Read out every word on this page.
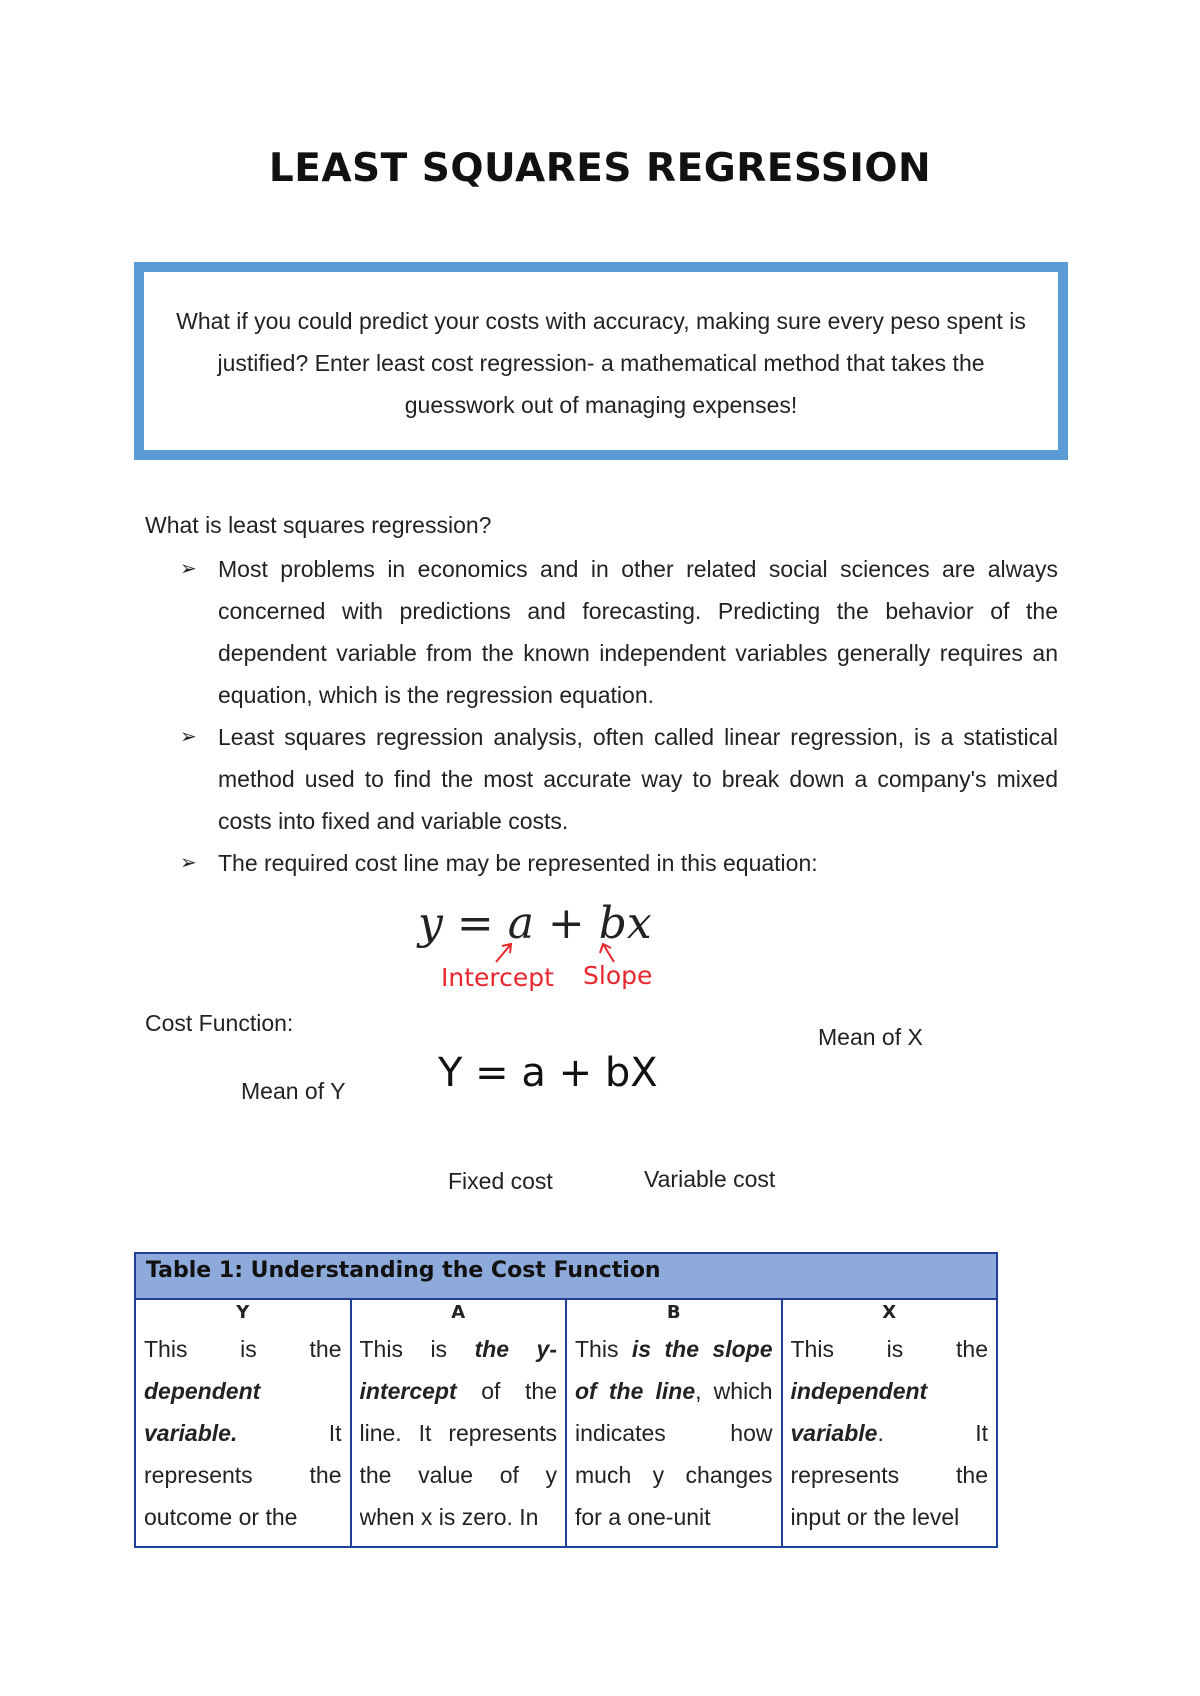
LEAST SQUARES REGRESSION
What if you could predict your costs with accuracy, making sure every peso spent is justified? Enter least cost regression- a mathematical method that takes the guesswork out of managing expenses!
What is least squares regression?
➢ Most problems in economics and in other related social sciences are always concerned with predictions and forecasting. Predicting the behavior of the dependent variable from the known independent variables generally requires an equation, which is the regression equation.
➢ Least squares regression analysis, often called linear regression, is a statistical method used to find the most accurate way to break down a company's mixed costs into fixed and variable costs.
➢ The required cost line may be represented in this equation:
y = a + bx
Intercept Slope
Cost Function:
Mean of X
Mean of Y Y = a + bX
Fixed cost	Variable cost
Table 1: Understanding the Cost Function			
Y	A	B	X

This is the dependent variable. It represents the outcome or the	This is the y-intercept of the line. It represents the value of y when x is zero. In	This is the slope of the line, which indicates how much y changes for a one-unit	This is the independent variable. It represents the input or the level
